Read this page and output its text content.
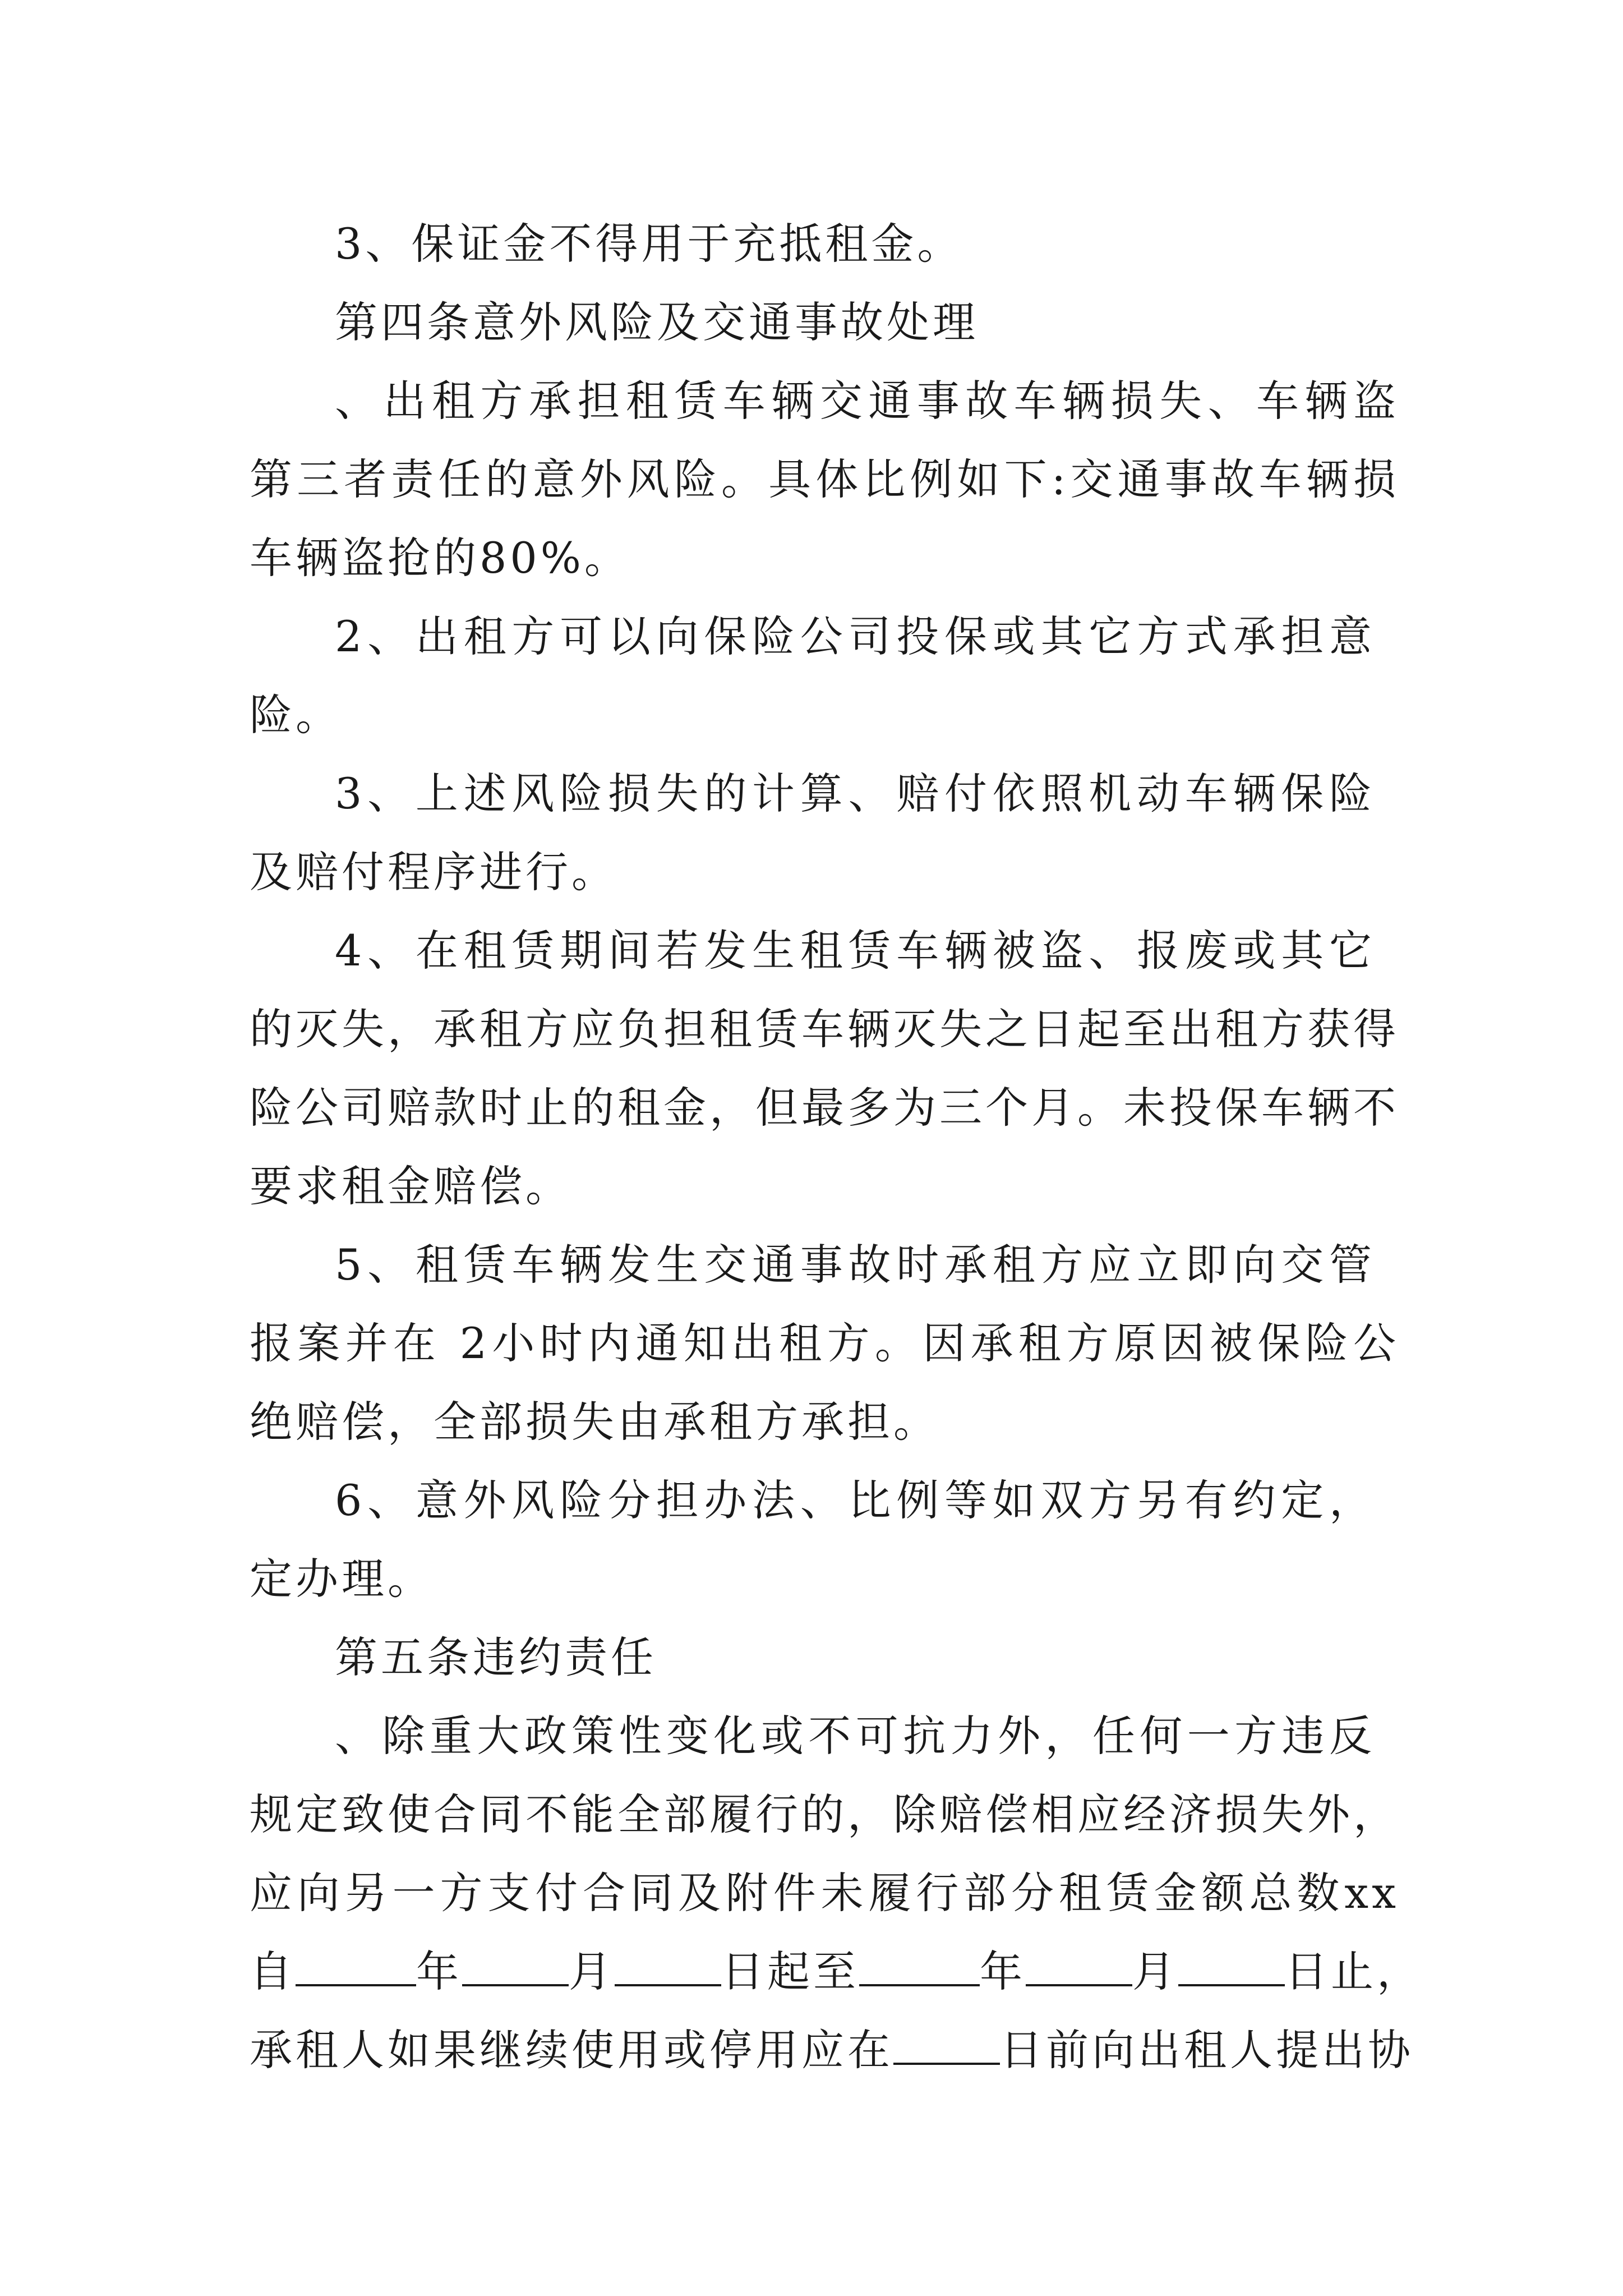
3、保证金不得用于充抵租金。

第四条意外风险及交通事故处理

、出租方承担租赁车辆交通事故车辆损失、车辆盗

第三者责任的意外风险。具体比例如下:交通事故车辆损

车辆盗抢的80%。

2、出租方可以向保险公司投保或其它方式承担意

险。

3、上述风险损失的计算、赔付依照机动车辆保险

及赔付程序进行。

4、在租赁期间若发生租赁车辆被盗、报废或其它

的灭失，承租方应负担租赁车辆灭失之日起至出租方获得

险公司赔款时止的租金，但最多为三个月。未投保车辆不

要求租金赔偿。

5、租赁车辆发生交通事故时承租方应立即向交管

报案并在 2小时内通知出租方。因承租方原因被保险公

绝赔偿，全部损失由承租方承担。

6、意外风险分担办法、比例等如双方另有约定，

定办理。

第五条违约责任

、除重大政策性变化或不可抗力外，任何一方违反

规定致使合同不能全部履行的，除赔偿相应经济损失外，

应向另一方支付合同及附件未履行部分租赁金额总数xx

自	年	月	日起至	年	月	日止，

承租人如果继续使用或停用应在	日前向出租人提出协
